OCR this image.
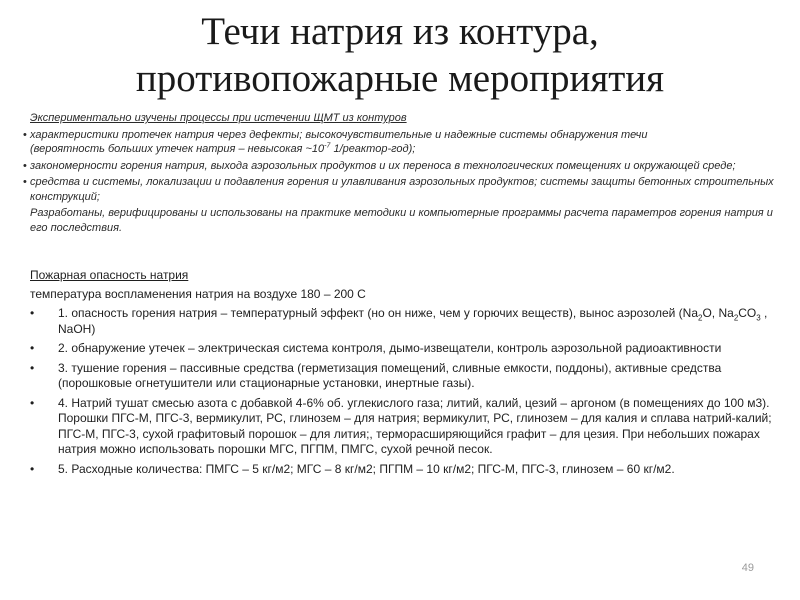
Течи натрия из контура,
противопожарные мероприятия
Экспериментально изучены процессы при истечении ЩМТ из контуров
• характеристики протечек натрия через дефекты; высокочувствительные и надежные системы обнаружения течи
(вероятность больших утечек натрия – невысокая $\sim 10^{-7}$ 1/реактор-год);
• закономерности горения натрия, выхода аэрозольных продуктов и их переноса в технологических помещениях и окружающей среде;
• средства и системы, локализации и подавления горения и улавливания аэрозольных продуктов; системы защиты бетонных строительных конструкций;
Разработаны, верифицированы и использованы на практике методики и компьютерные программы расчета параметров горения натрия и его последствия.
Пожарная опасность натрия
температура воспламенения натрия на воздухе 180 – 200 С
• 1. опасность горения натрия – температурный эффект (но он ниже, чем у горючих веществ), вынос аэрозолей ($Na_2O$, $Na_2CO_3$ , NaOH)
• 2. обнаружение утечек – электрическая система контроля, дымо-извещатели, контроль аэрозольной радиоактивности
• 3. тушение горения – пассивные средства (герметизация помещений, сливные емкости, поддоны), активные средства (порошковые огнетушители или стационарные установки, инертные газы).
• 4. Натрий тушат смесью азота с добавкой 4-6% об. углекислого газа; литий, калий, цезий – аргоном (в помещениях до 100 м3). Порошки ПГС-М, ПГС-3, вермикулит, РС, глинозем – для натрия; вермикулит, РС, глинозем – для калия и сплава натрий-калий; ПГС-М, ПГС-3, сухой графитовый порошок – для лития;, терморасширяющийся графит – для цезия. При небольших пожарах натрия можно использовать порошки МГС, ПГПМ, ПМГС, сухой речной песок.
• 5. Расходные количества: ПМГС – 5 кг/м2; МГС – 8 кг/м2; ПГПМ – 10 кг/м2; ПГС-М, ПГС-3, глинозем – 60 кг/м2.
49
